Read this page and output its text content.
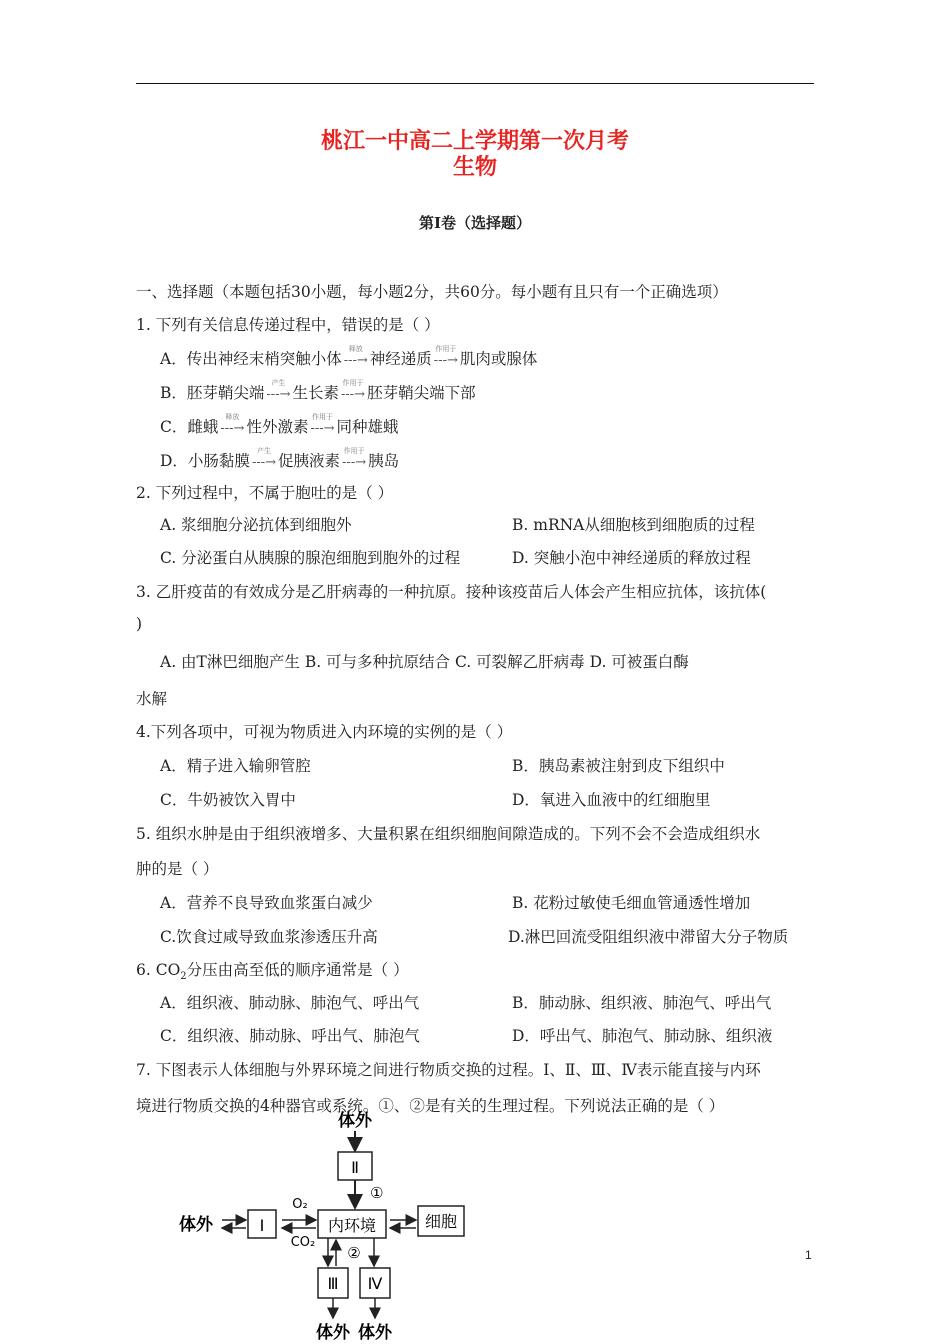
桃江一中高二上学期第一次月考
生物
第Ⅰ卷（选择题）
一、选择题（本题包括30小题，每小题2分，共60分。每小题有且只有一个正确选项）
1. 下列有关信息传递过程中，错误的是（ ）
A．传出神经末梢突触小体
释放
---→ 神经递质
作用于
---→ 肌肉或腺体
B．胚芽鞘尖端
产生
---→ 生长素
作用于
---→ 胚芽鞘尖端下部
C．雌蛾
释放
---→ 性外激素
作用于
---→ 同种雄蛾
D．小肠黏膜
产生
---→ 促胰液素
作用于
---→ 胰岛
2. 下列过程中，不属于胞吐的是（ ）
A. 浆细胞分泌抗体到细胞外	B. mRNA从细胞核到细胞质的过程
C. 分泌蛋白从胰腺的腺泡细胞到胞外的过程	D. 突触小泡中神经递质的释放过程
3. 乙肝疫苗的有效成分是乙肝病毒的一种抗原。接种该疫苗后人体会产生相应抗体，该抗体(
)
A. 由T淋巴细胞产生 B. 可与多种抗原结合 C. 可裂解乙肝病毒 D. 可被蛋白酶
水解
4.下列各项中，可视为物质进入内环境的实例的是（ ）
A．精子进入输卵管腔	B．胰岛素被注射到皮下组织中
C．牛奶被饮入胃中	D．氧进入血液中的红细胞里
5. 组织水肿是由于组织液增多、大量积累在组织细胞间隙造成的。下列不会不会造成组织水
肿的是（ ）
A．营养不良导致血浆蛋白减少	B. 花粉过敏使毛细血管通透性增加
C.饮食过咸导致血浆渗透压升高	D.淋巴回流受阻组织液中滞留大分子物质
6. $CO_2$分压由高至低的顺序通常是（ ）
A．组织液、肺动脉、肺泡气、呼出气	B．肺动脉、组织液、肺泡气、呼出气
C．组织液、肺动脉、呼出气、肺泡气	D．呼出气、肺泡气、肺动脉、组织液
7. 下图表示人体细胞与外界环境之间进行物质交换的过程。Ⅰ、Ⅱ、Ⅲ、Ⅳ表示能直接与内环
境进行物质交换的4种器官或系统。①、②是有关的生理过程。下列说法正确的是（ ）
体外
Ⅱ
①
体外	Ⅰ
O₂
CO₂
内环境	细胞
②
Ⅲ Ⅳ
体外 体外
1
